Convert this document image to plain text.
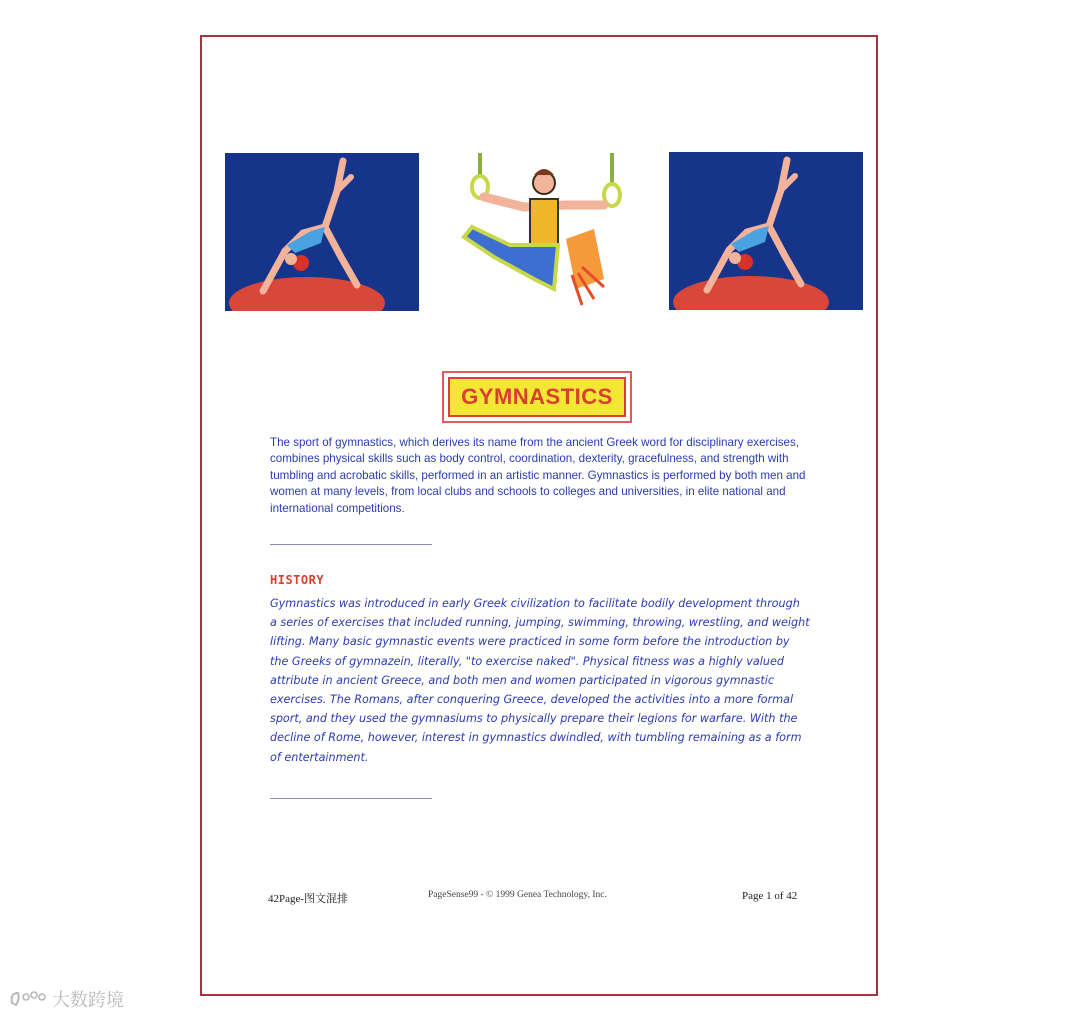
GYMNASTICS

The sport of gymnastics, which derives its name from the ancient Greek word for disciplinary exercises, combines physical skills such as body control, coordination, dexterity, gracefulness, and strength with tumbling and acrobatic skills, performed in an artistic manner. Gymnastics is performed by both men and women at many levels, from local clubs and schools to colleges and universities, in elite national and international competitions.

HISTORY

Gymnastics was introduced in early Greek civilization to facilitate bodily development through a series of exercises that included running, jumping, swimming, throwing, wrestling, and weight lifting. Many basic gymnastic events were practiced in some form before the introduction by the Greeks of gymnazein, literally, "to exercise naked". Physical fitness was a highly valued attribute in ancient Greece, and both men and women participated in vigorous gymnastic exercises. The Romans, after conquering Greece, developed the activities into a more formal sport, and they used the gymnasiums to physically prepare their legions for warfare. With the decline of Rome, however, interest in gymnastics dwindled, with tumbling remaining as a form of entertainment.

42Page-图文混排	PageSense99 - © 1999 Genea Technology, Inc.	Page 1 of 42

大数跨境
